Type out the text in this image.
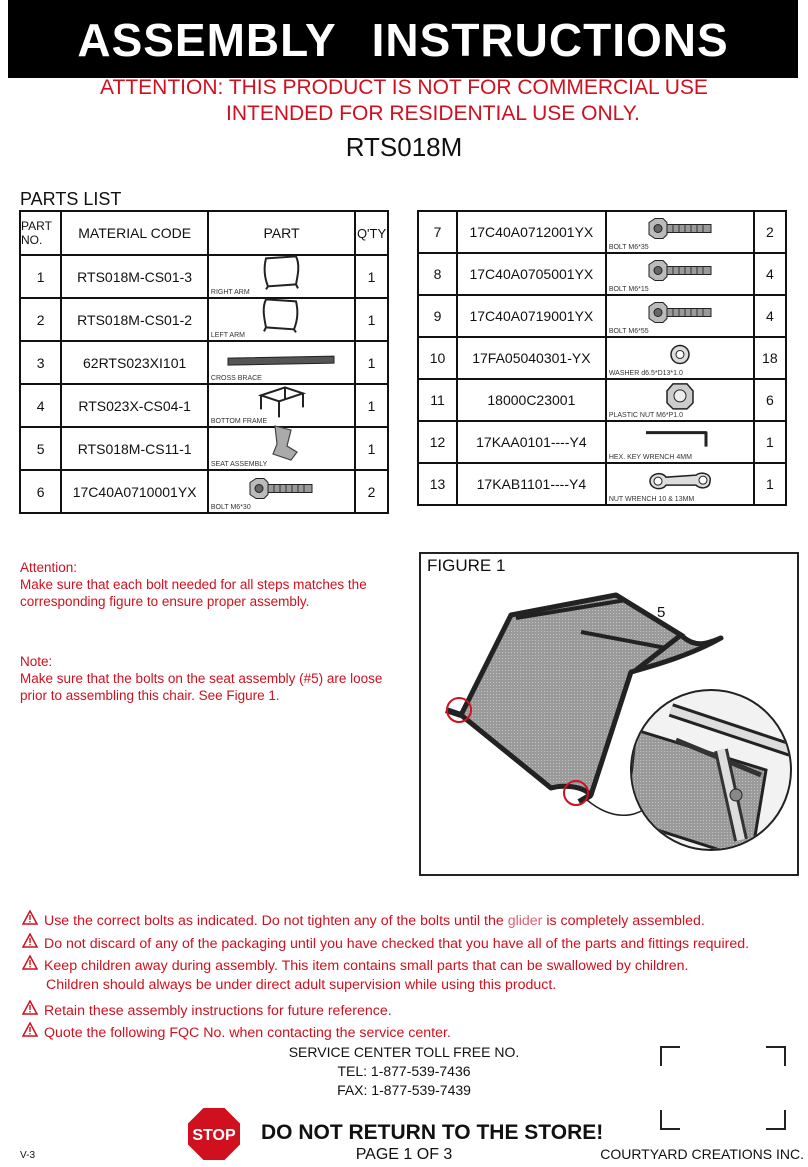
ASSEMBLY INSTRUCTIONS
ATTENTION: THIS PRODUCT IS NOT FOR COMMERCIAL USE
INTENDED FOR RESIDENTIAL USE ONLY.
RTS018M
PARTS LIST
PART NO.	MATERIAL CODE	PART	Q'TY
1	RTS018M-CS01-3	RIGHT ARM	1
2	RTS018M-CS01-2	LEFT ARM	1
3	62RTS023XI101	CROSS BRACE	1
4	RTS023X-CS04-1	BOTTOM FRAME	1
5	RTS018M-CS11-1	SEAT ASSEMBLY	1
6	17C40A0710001YX	BOLT M6*30	2
7	17C40A0712001YX	BOLT M6*35	2
8	17C40A0705001YX	BOLT M6*15	4
9	17C40A0719001YX	BOLT M6*55	4
10	17FA05040301-YX	WASHER d6.5*D13*1.0	18
11	18000C23001	PLASTIC NUT M6*P1.0	6
12	17KAA0101----Y4	HEX. KEY WRENCH 4MM	1
13	17KAB1101----Y4	NUT WRENCH 10 & 13MM	1
Attention:
Make sure that each bolt needed for all steps matches the
corresponding figure to ensure proper assembly.
Note:
Make sure that the bolts on the seat assembly (#5) are loose
prior to assembling this chair. See Figure 1.
FIGURE 1
5
Use the correct bolts as indicated. Do not tighten any of the bolts until the glider is completely assembled.
Do not discard of any of the packaging until you have checked that you have all of the parts and fittings required.
Keep children away during assembly. This item contains small parts that can be swallowed by children.
Children should always be under direct adult supervision while using this product.
Retain these assembly instructions for future reference.
Quote the following FQC No. when contacting the service center.
SERVICE CENTER TOLL FREE NO.
TEL: 1-877-539-7436
FAX: 1-877-539-7439
STOP DO NOT RETURN TO THE STORE!
PAGE 1 OF 3	COURTYARD CREATIONS INC.
V-3
